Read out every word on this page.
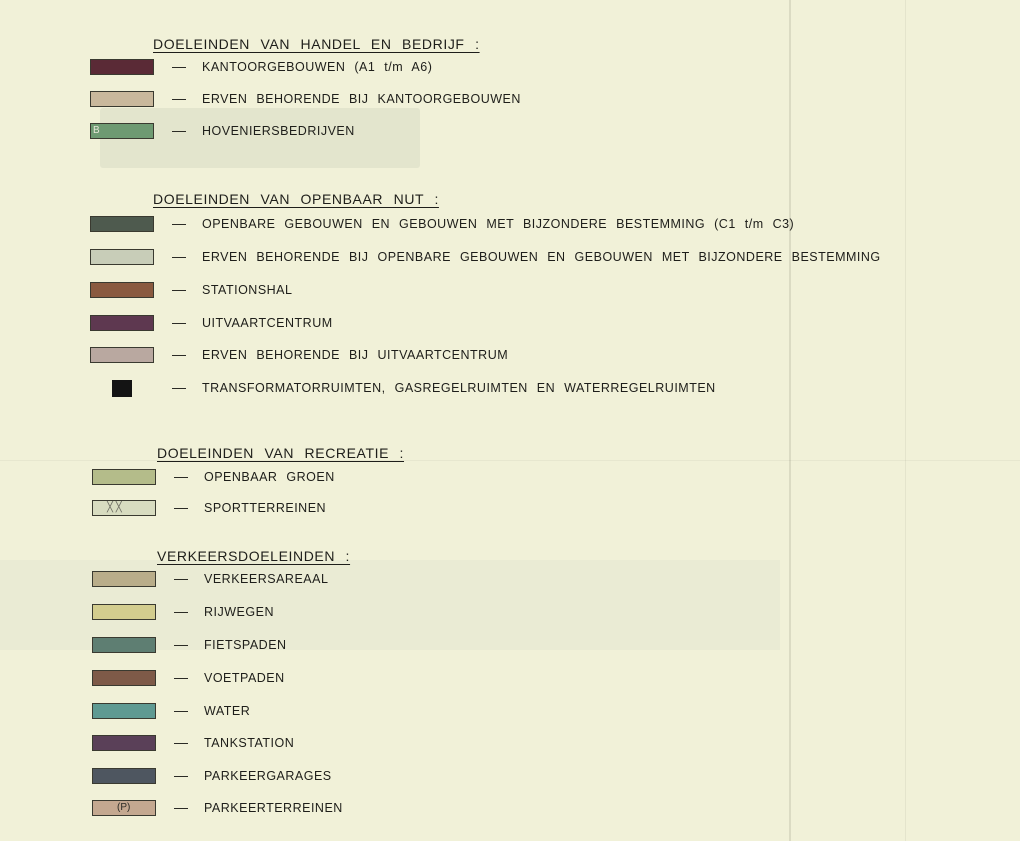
DOELEINDEN VAN HANDEL EN BEDRIJF :
KANTOORGEBOUWEN (A1 t/m A6)
ERVEN BEHORENDE BIJ KANTOORGEBOUWEN
B	HOVENIERSBEDRIJVEN
DOELEINDEN VAN OPENBAAR NUT :
OPENBARE GEBOUWEN EN GEBOUWEN MET BIJZONDERE BESTEMMING (C1 t/m C3)
ERVEN BEHORENDE BIJ OPENBARE GEBOUWEN EN GEBOUWEN MET BIJZONDERE BESTEMMING
STATIONSHAL
UITVAARTCENTRUM
ERVEN BEHORENDE BIJ UITVAARTCENTRUM
TRANSFORMATORRUIMTEN, GASREGELRUIMTEN EN WATERREGELRUIMTEN
DOELEINDEN VAN RECREATIE :
OPENBAAR GROEN
╳ ╳	SPORTTERREINEN
VERKEERSDOELEINDEN :
VERKEERSAREAAL
RIJWEGEN
FIETSPADEN
VOETPADEN
WATER
TANKSTATION
PARKEERGARAGES
(P)	PARKEERTERREINEN
